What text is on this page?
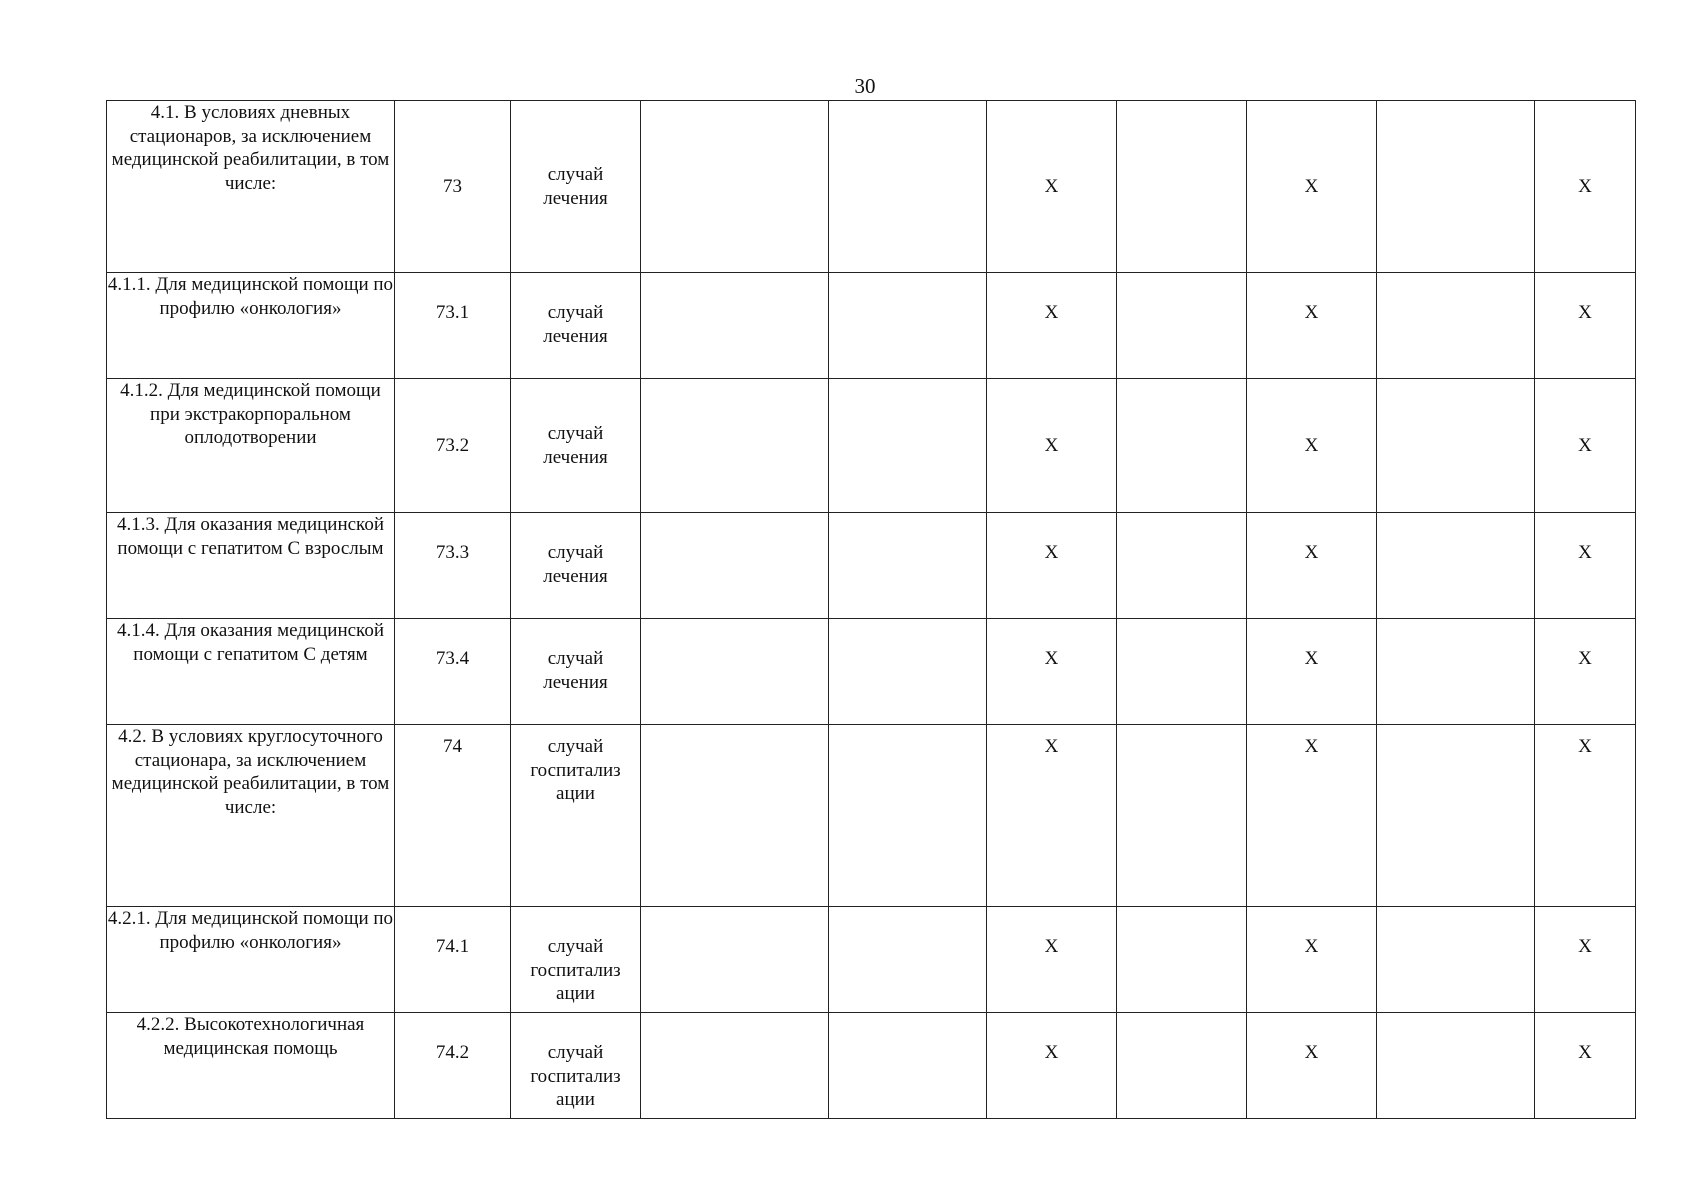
30
4.1. В условиях дневных стационаров, за исключением медицинской реабилитации, в том числе:	73	случай лечения			Х		Х		Х
4.1.1. Для медицинской помощи по профилю «онкология»	73.1	случай лечения			Х		Х		Х
4.1.2. Для медицинской помощи при экстракорпоральном оплодотворении	73.2	случай лечения			Х		Х		Х
4.1.3. Для оказания медицинской помощи с гепатитом С взрослым	73.3	случай лечения			Х		Х		Х
4.1.4. Для оказания медицинской помощи с гепатитом С детям	73.4	случай лечения			Х		Х		Х
4.2. В условиях круглосуточного стационара, за исключением медицинской реабилитации, в том числе:	74	случай госпитализ ации			Х		Х		Х
4.2.1. Для медицинской помощи по профилю «онкология»	74.1	случай госпитализ ации			Х		Х		Х
4.2.2. Высокотехнологичная медицинская помощь	74.2	случай госпитализ ации			Х		Х		Х
